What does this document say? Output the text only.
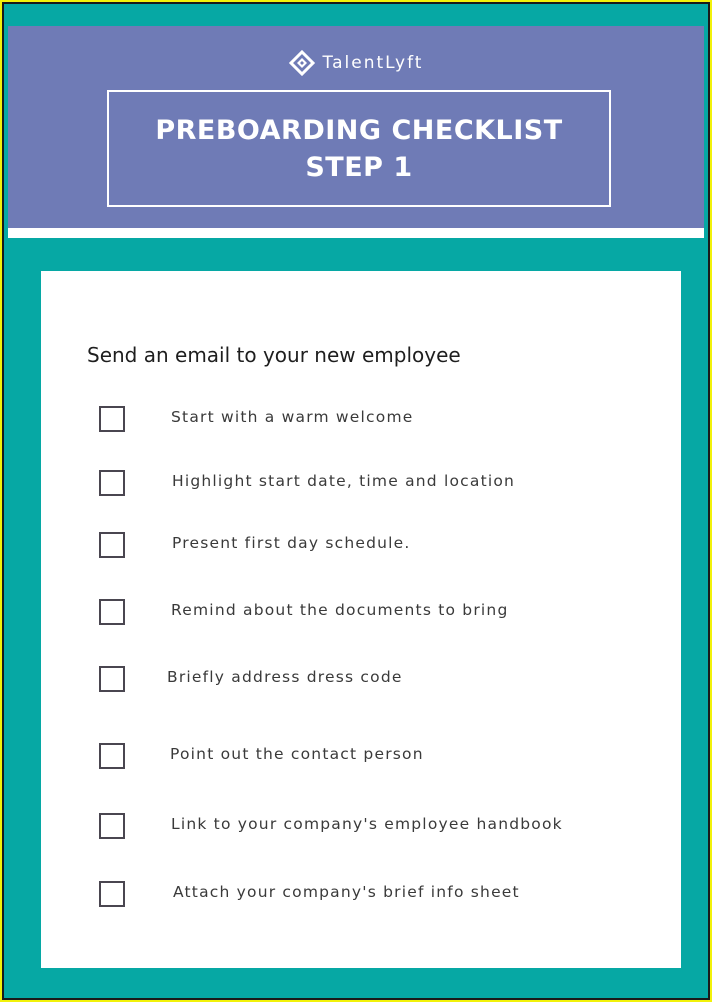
TalentLyft
PREBOARDING CHECKLIST
STEP 1
Send an email to your new employee
Start with a warm welcome
Highlight start date, time and location
Present first day schedule.
Remind about the documents to bring
Briefly address dress code
Point out the contact person
Link to your company's employee handbook
Attach your company's brief info sheet
